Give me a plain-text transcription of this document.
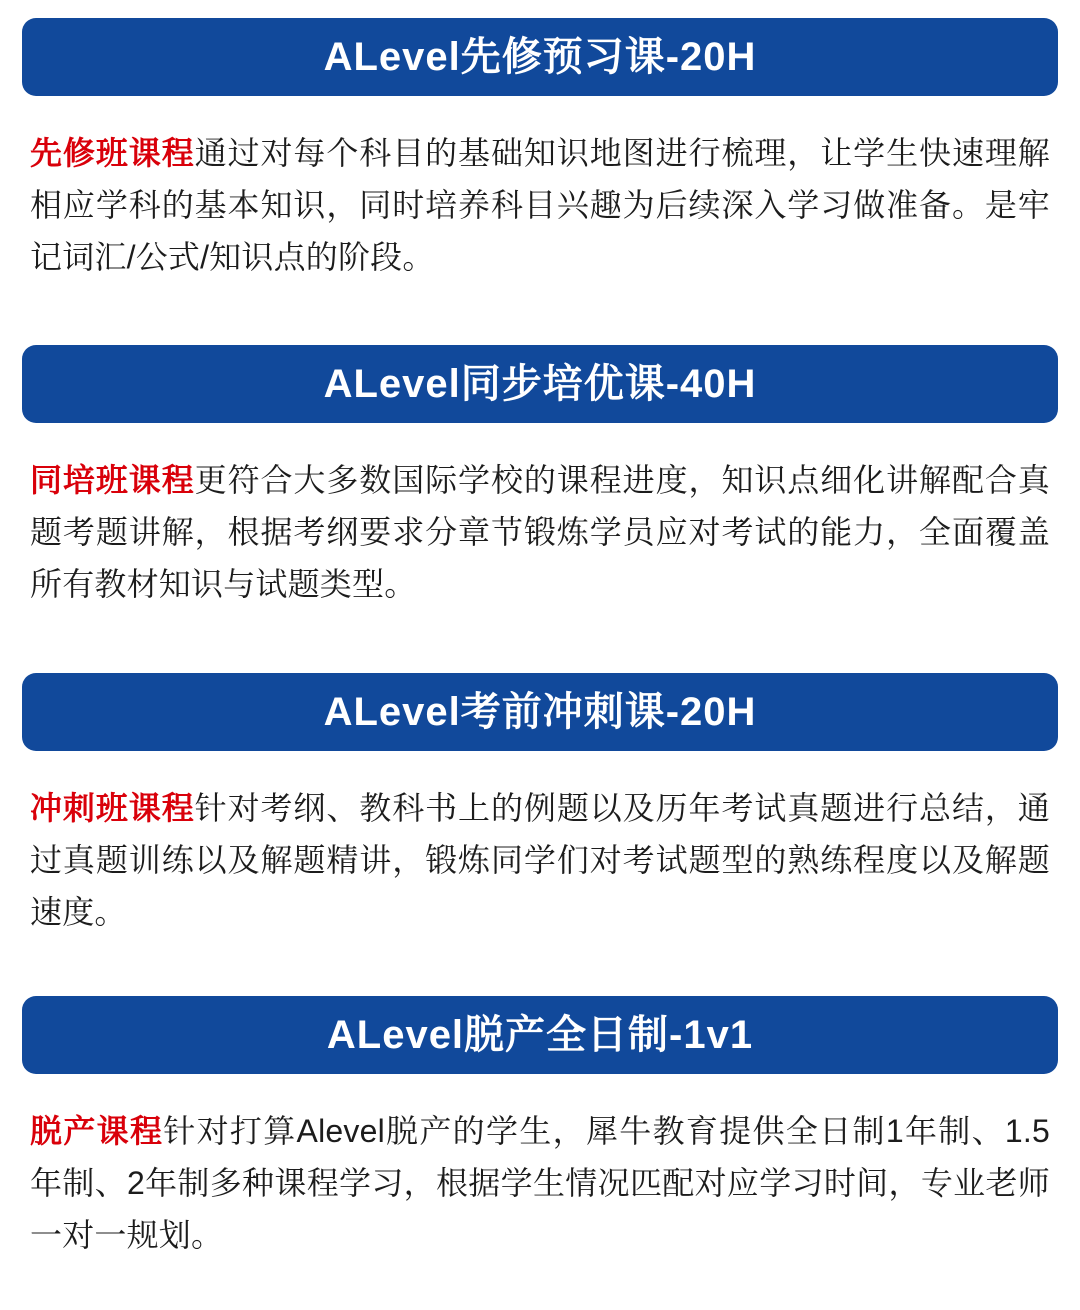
ALevel先修预习课-20H

先修班课程通过对每个科目的基础知识地图进行梳理，让学生快速理解相应学科的基本知识，同时培养科目兴趣为后续深入学习做准备。是牢记词汇/公式/知识点的阶段。

ALevel同步培优课-40H

同培班课程更符合大多数国际学校的课程进度，知识点细化讲解配合真题考题讲解，根据考纲要求分章节锻炼学员应对考试的能力，全面覆盖所有教材知识与试题类型。

ALevel考前冲刺课-20H

冲刺班课程针对考纲、教科书上的例题以及历年考试真题进行总结，通过真题训练以及解题精讲，锻炼同学们对考试题型的熟练程度以及解题速度。

ALevel脱产全日制-1v1

脱产课程针对打算Alevel脱产的学生，犀牛教育提供全日制1年制、1.5年制、2年制多种课程学习，根据学生情况匹配对应学习时间，专业老师一对一规划。
